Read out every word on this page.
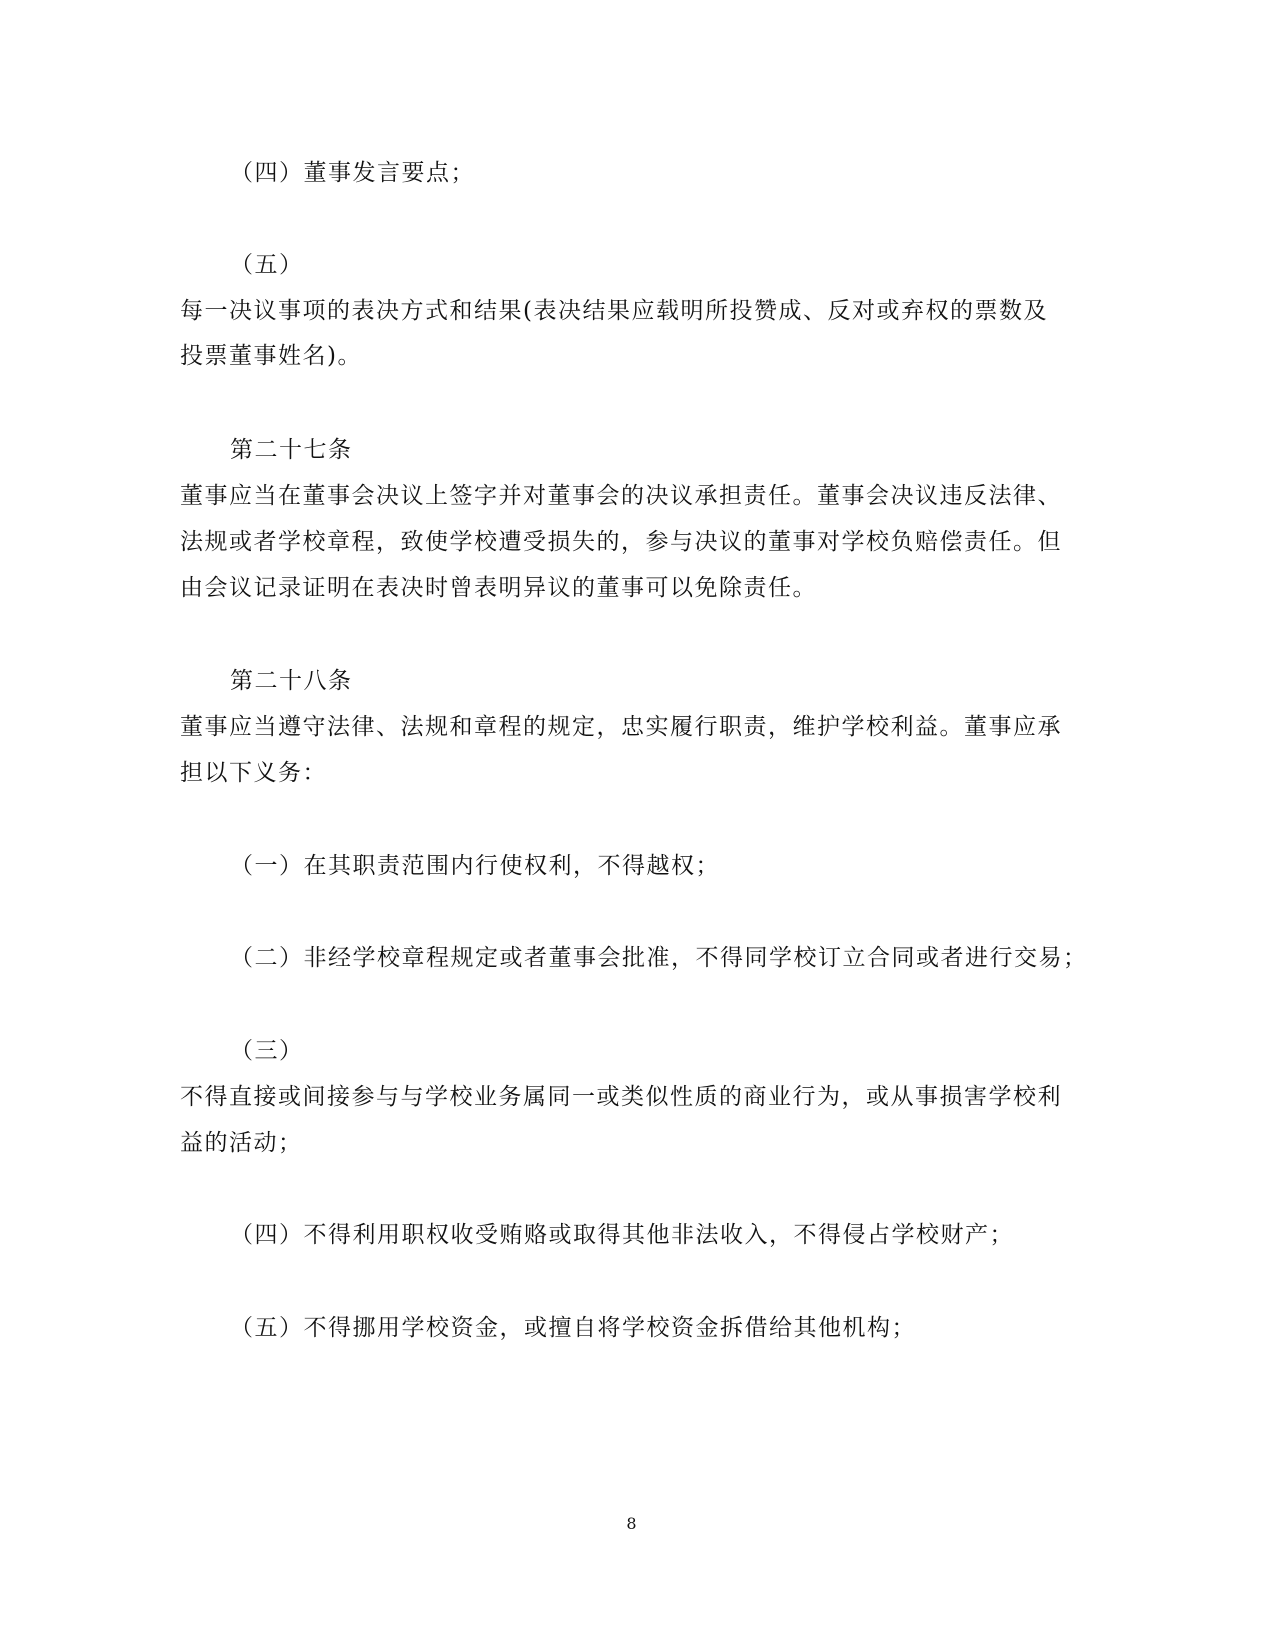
（四）董事发言要点；
（五）
每一决议事项的表决方式和结果(表决结果应载明所投赞成、反对或弃权的票数及
投票董事姓名)。
第二十七条
董事应当在董事会决议上签字并对董事会的决议承担责任。董事会决议违反法律、
法规或者学校章程，致使学校遭受损失的，参与决议的董事对学校负赔偿责任。但
由会议记录证明在表决时曾表明异议的董事可以免除责任。
第二十八条
董事应当遵守法律、法规和章程的规定，忠实履行职责，维护学校利益。董事应承
担以下义务：
（一）在其职责范围内行使权利，不得越权；
（二）非经学校章程规定或者董事会批准，不得同学校订立合同或者进行交易；
（三）
不得直接或间接参与与学校业务属同一或类似性质的商业行为，或从事损害学校利
益的活动；
（四）不得利用职权收受贿赂或取得其他非法收入，不得侵占学校财产；
（五）不得挪用学校资金，或擅自将学校资金拆借给其他机构；
8
